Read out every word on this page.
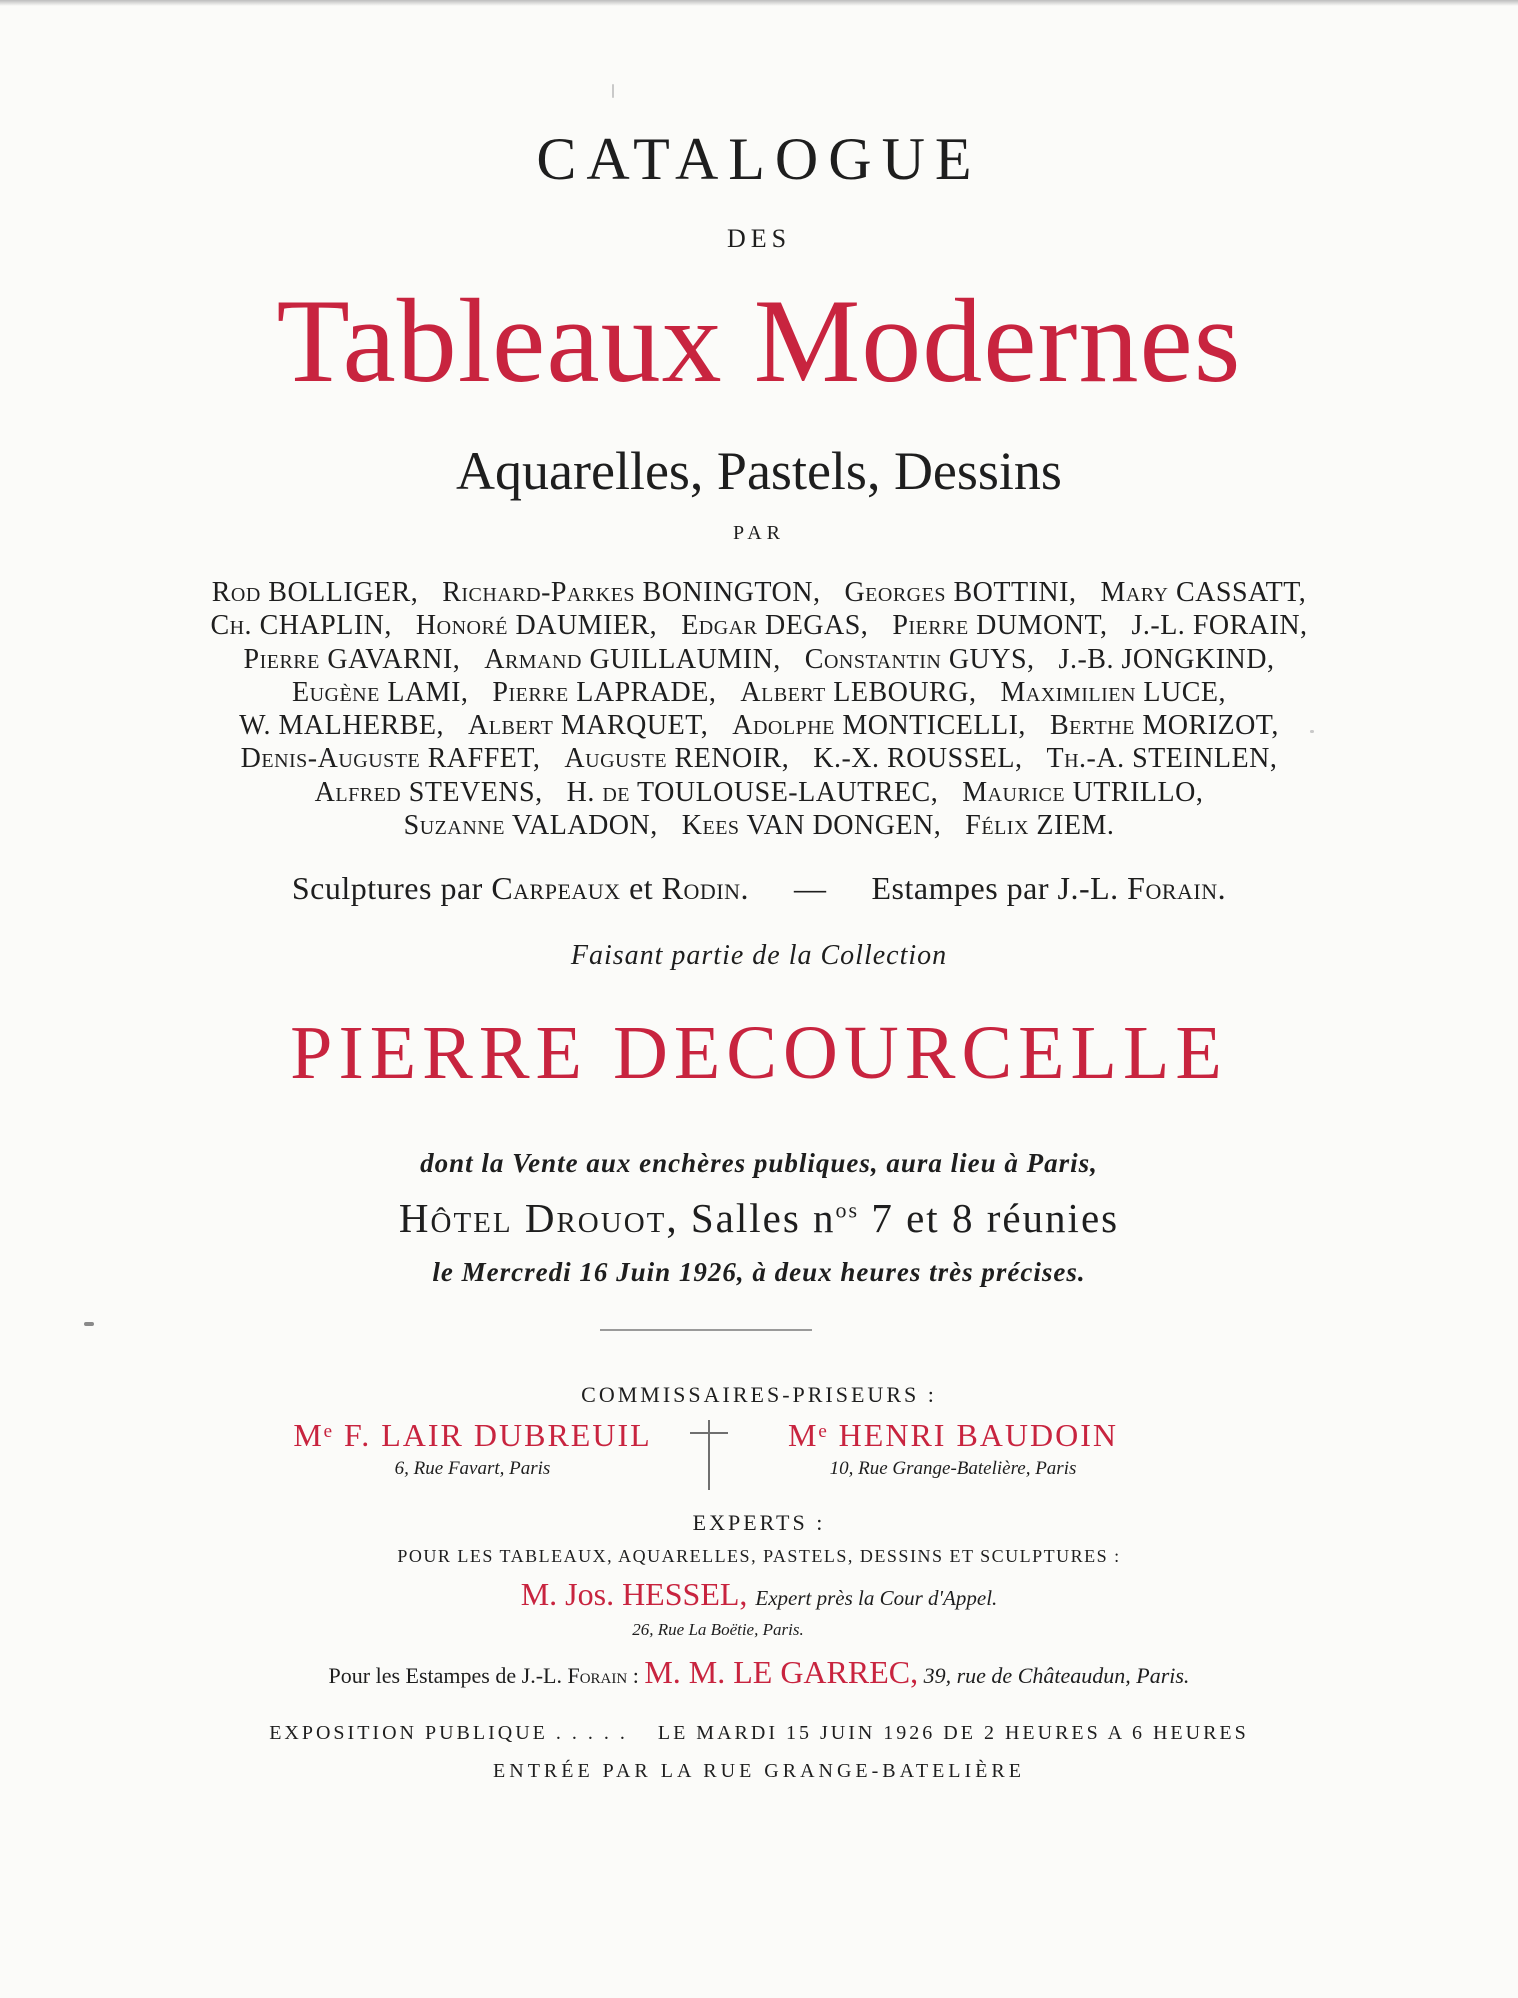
CATALOGUE
DES
Tableaux Modernes
Aquarelles, Pastels, Dessins
PAR
Rod BOLLIGER, Richard-Parkes BONINGTON, Georges BOTTINI, Mary CASSATT,
Ch. CHAPLIN, Honoré DAUMIER, Edgar DEGAS, Pierre DUMONT, J.-L. FORAIN,
Pierre GAVARNI, Armand GUILLAUMIN, Constantin GUYS, J.-B. JONGKIND,
Eugène LAMI, Pierre LAPRADE, Albert LEBOURG, Maximilien LUCE,
W. MALHERBE, Albert MARQUET, Adolphe MONTICELLI, Berthe MORIZOT,
Denis-Auguste RAFFET, Auguste RENOIR, K.-X. ROUSSEL, Th.-A. STEINLEN,
Alfred STEVENS, H. de TOULOUSE-LAUTREC, Maurice UTRILLO,
Suzanne VALADON, Kees VAN DONGEN, Félix ZIEM.
Sculptures par Carpeaux et Rodin. — Estampes par J.-L. Forain.
Faisant partie de la Collection
PIERRE DECOURCELLE
dont la Vente aux enchères publiques, aura lieu à Paris,
Hôtel Drouot, Salles $n^{os}$ 7 et 8 réunies
le Mercredi 16 Juin 1926, à deux heures très précises.
COMMISSAIRES-PRISEURS :
Mᵉ F. LAIR DUBREUIL
6, Rue Favart, Paris
Mᵉ HENRI BAUDOIN
10, Rue Grange-Batelière, Paris
EXPERTS :
POUR LES TABLEAUX, AQUARELLES, PASTELS, DESSINS ET SCULPTURES :
M. Jos. HESSEL, Expert près la Cour d'Appel.
26, Rue La Boëtie, Paris.
Pour les Estampes de J.-L. Forain : M. M. LE GARREC, 39, rue de Châteaudun, Paris.
EXPOSITION PUBLIQUE . . . . . LE MARDI 15 JUIN 1926 DE 2 HEURES A 6 HEURES
ENTRÉE PAR LA RUE GRANGE-BATELIÈRE
